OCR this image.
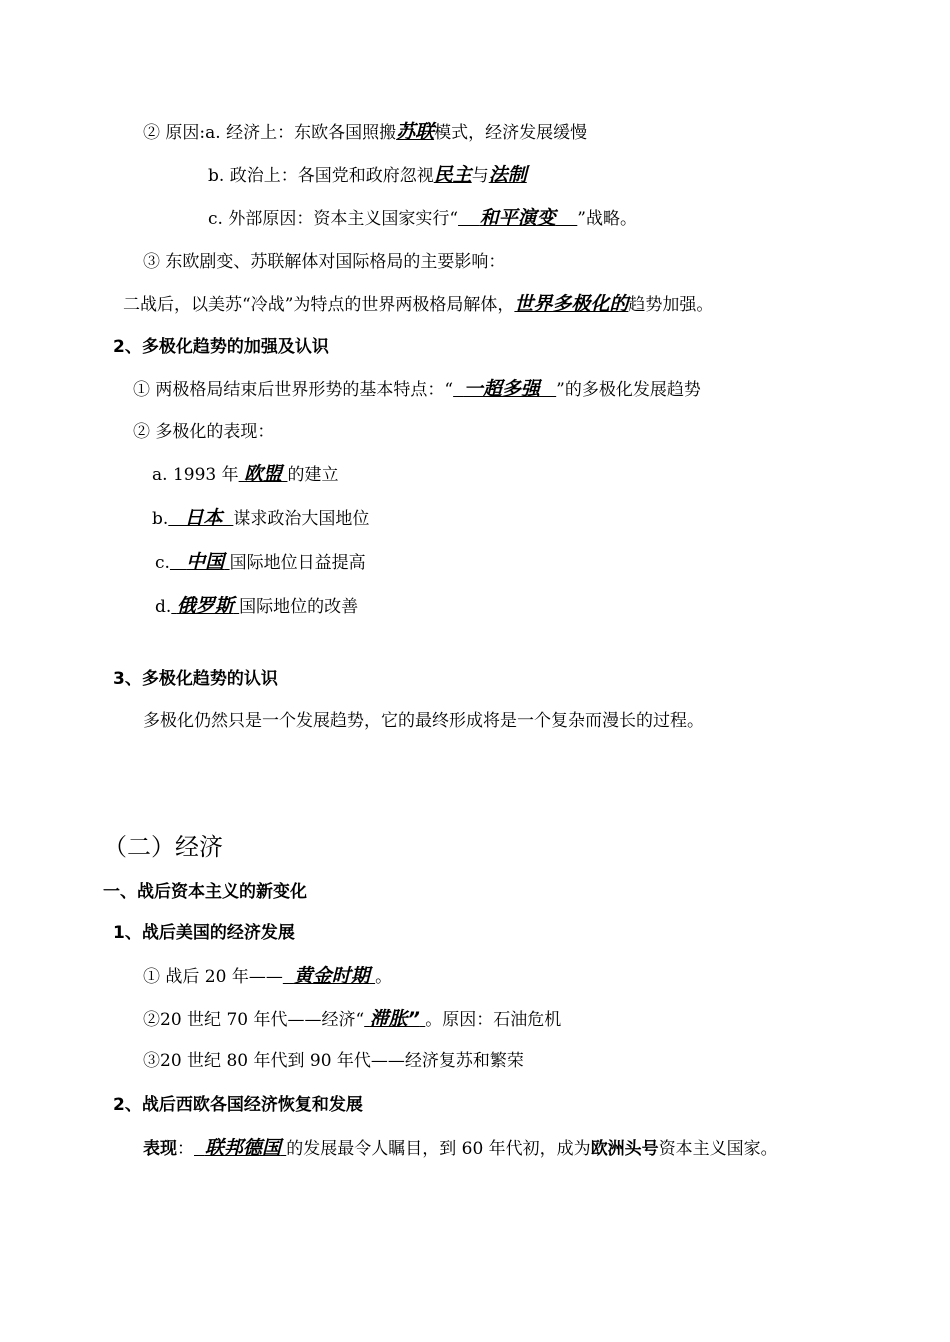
② 原因:a. 经济上：东欧各国照搬苏联模式，经济发展缓慢
b. 政治上：各国党和政府忽视民主与法制
c. 外部原因：资本主义国家实行“ 和平演变 ”战略。
③ 东欧剧变、苏联解体对国际格局的主要影响：
二战后，以美苏“冷战”为特点的世界两极格局解体，世界多极化的趋势加强。
2、多极化趋势的加强及认识
① 两极格局结束后世界形势的基本特点：“ 一超多强 ”的多极化发展趋势
② 多极化的表现：
a. 1993 年 欧盟 的建立
b. 日本 谋求政治大国地位
c. 中国 国际地位日益提高
d. 俄罗斯 国际地位的改善
3、多极化趋势的认识
多极化仍然只是一个发展趋势，它的最终形成将是一个复杂而漫长的过程。
（二）经济
一、战后资本主义的新变化
1、战后美国的经济发展
① 战后 20 年—— 黄金时期 。
②20 世纪 70 年代——经济“ 滞胀” 。原因：石油危机
③20 世纪 80 年代到 90 年代——经济复苏和繁荣
2、战后西欧各国经济恢复和发展
表现： 联邦德国 的发展最令人瞩目，到 60 年代初，成为欧洲头号资本主义国家。
